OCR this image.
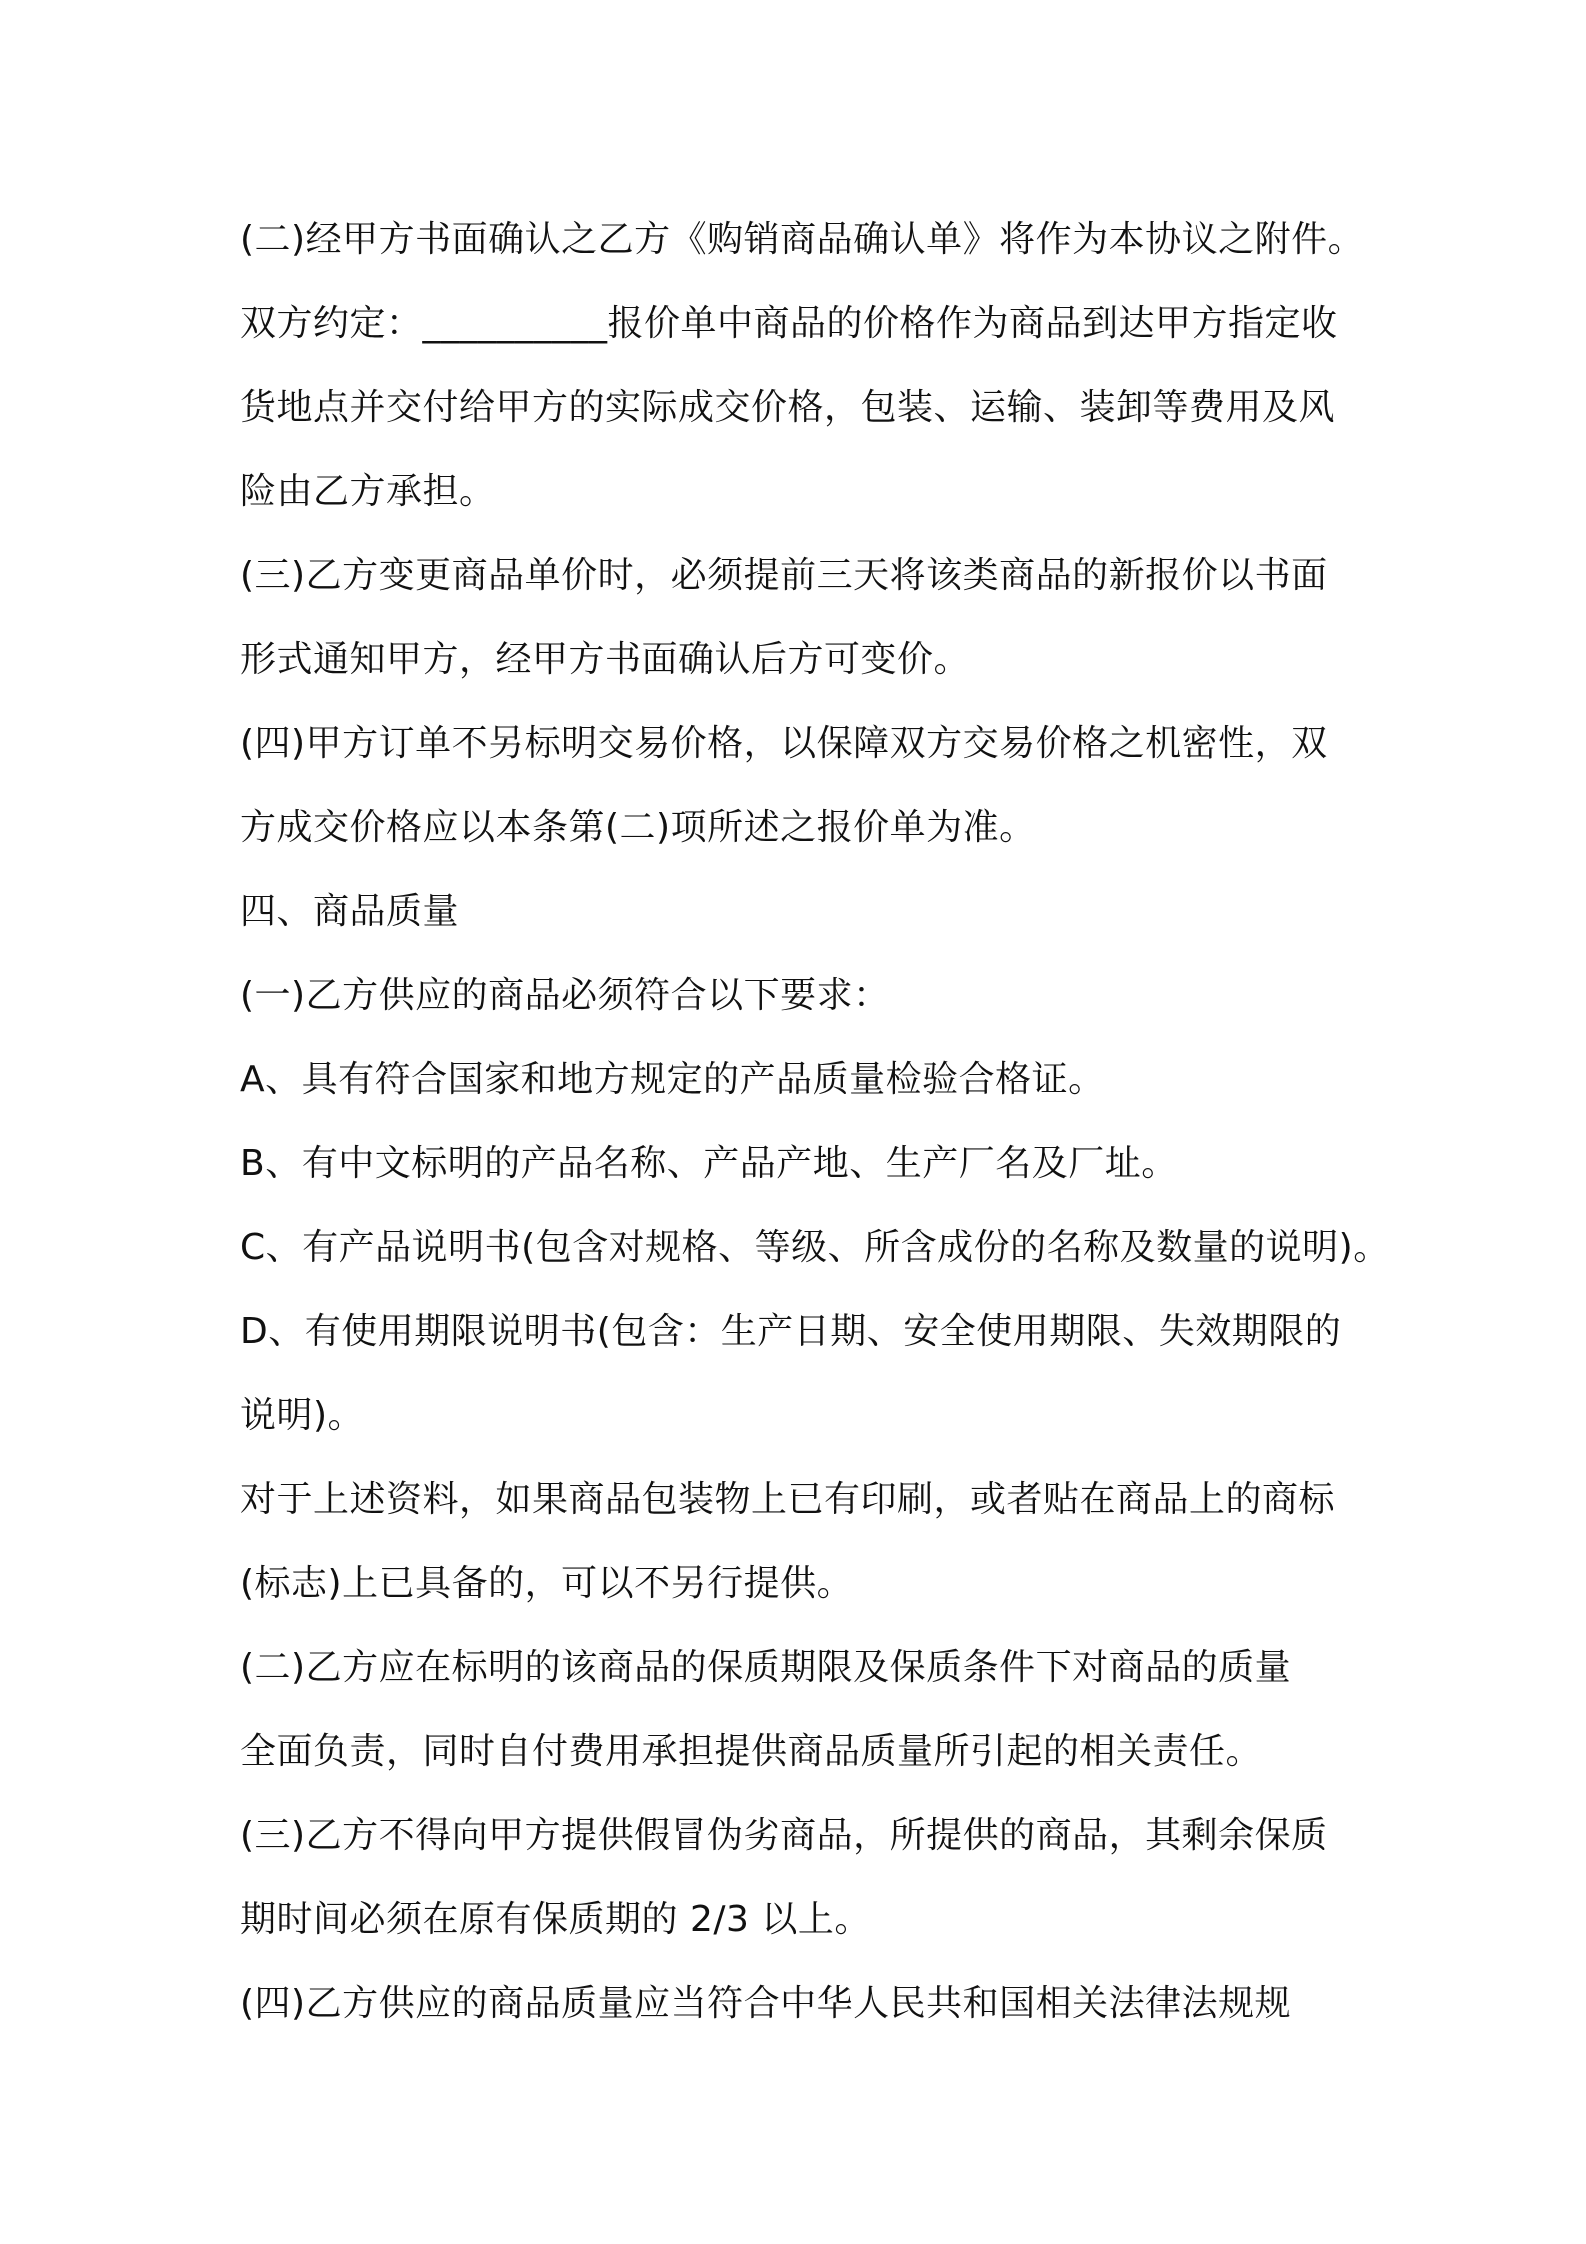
(二)经甲方书面确认之乙方《购销商品确认单》将作为本协议之附件。
双方约定：__________报价单中商品的价格作为商品到达甲方指定收
货地点并交付给甲方的实际成交价格，包装、运输、装卸等费用及风
险由乙方承担。
(三)乙方变更商品单价时，必须提前三天将该类商品的新报价以书面
形式通知甲方，经甲方书面确认后方可变价。
(四)甲方订单不另标明交易价格，以保障双方交易价格之机密性，双
方成交价格应以本条第(二)项所述之报价单为准。
四、商品质量
(一)乙方供应的商品必须符合以下要求：
A、具有符合国家和地方规定的产品质量检验合格证。
B、有中文标明的产品名称、产品产地、生产厂名及厂址。
C、有产品说明书(包含对规格、等级、所含成份的名称及数量的说明)。
D、有使用期限说明书(包含：生产日期、安全使用期限、失效期限的
说明)。
对于上述资料，如果商品包装物上已有印刷，或者贴在商品上的商标
(标志)上已具备的，可以不另行提供。
(二)乙方应在标明的该商品的保质期限及保质条件下对商品的质量
全面负责，同时自付费用承担提供商品质量所引起的相关责任。
(三)乙方不得向甲方提供假冒伪劣商品，所提供的商品，其剩余保质
期时间必须在原有保质期的 2/3 以上。
(四)乙方供应的商品质量应当符合中华人民共和国相关法律法规规
